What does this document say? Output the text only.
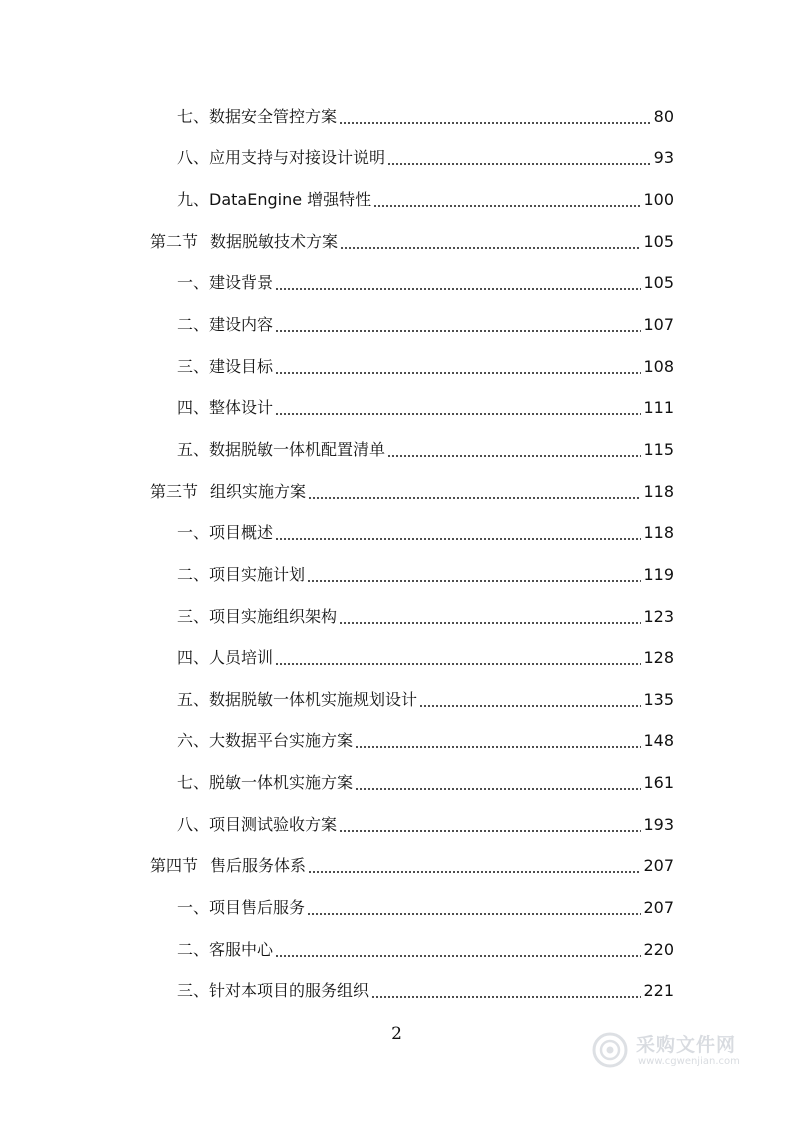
七、数据安全管控方案	80
八、应用支持与对接设计说明	93
九、DataEngine 增强特性	100
第二节 数据脱敏技术方案	105
一、建设背景	105
二、建设内容	107
三、建设目标	108
四、整体设计	111
五、数据脱敏一体机配置清单	115
第三节 组织实施方案	118
一、项目概述	118
二、项目实施计划	119
三、项目实施组织架构	123
四、人员培训	128
五、数据脱敏一体机实施规划设计	135
六、大数据平台实施方案	148
七、脱敏一体机实施方案	161
八、项目测试验收方案	193
第四节 售后服务体系	207
一、项目售后服务	207
二、客服中心	220
三、针对本项目的服务组织	221
2	采购文件网
www.cgwenjian.com
